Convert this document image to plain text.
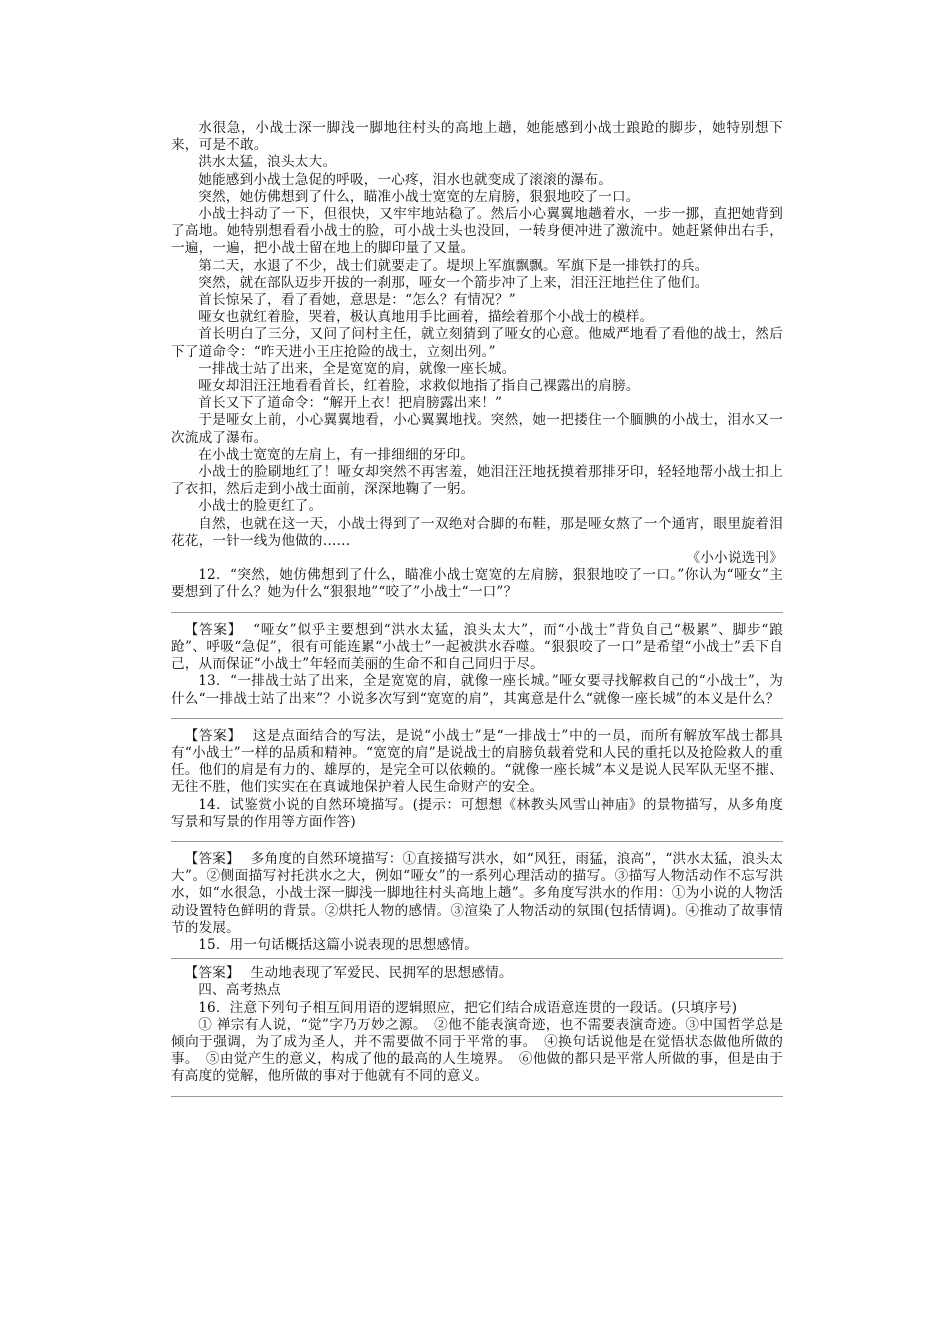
水很急，小战士深一脚浅一脚地往村头的高地上趟，她能感到小战士踉跄的脚步，她特别想下来，可是不敢。

洪水太猛，浪头太大。

她能感到小战士急促的呼吸，一心疼，泪水也就变成了滚滚的瀑布。

突然，她仿佛想到了什么，瞄准小战士宽宽的左肩膀，狠狠地咬了一口。

小战士抖动了一下，但很快，又牢牢地站稳了。然后小心翼翼地趟着水，一步一挪，直把她背到了高地。她特别想看看小战士的脸，可小战士头也没回，一转身便冲进了激流中。她赶紧伸出右手，一遍，一遍，把小战士留在地上的脚印量了又量。

第二天，水退了不少，战士们就要走了。堤坝上军旗飘飘。军旗下是一排铁打的兵。

突然，就在部队迈步开拔的一刹那，哑女一个箭步冲了上来，泪汪汪地拦住了他们。

首长惊呆了，看了看她，意思是：“怎么？有情况？”

哑女也就红着脸，哭着，极认真地用手比画着，描绘着那个小战士的模样。

首长明白了三分，又问了问村主任，就立刻猜到了哑女的心意。他威严地看了看他的战士，然后下了道命令：“昨天进小王庄抢险的战士，立刻出列。”

一排战士站了出来，全是宽宽的肩，就像一座长城。

哑女却泪汪汪地看看首长，红着脸，求救似地指了指自己裸露出的肩膀。

首长又下了道命令：“解开上衣！把肩膀露出来！”

于是哑女上前，小心翼翼地看，小心翼翼地找。突然，她一把搂住一个腼腆的小战士，泪水又一次流成了瀑布。

在小战士宽宽的左肩上，有一排细细的牙印。

小战士的脸刷地红了！哑女却突然不再害羞，她泪汪汪地抚摸着那排牙印，轻轻地帮小战士扣上了衣扣，然后走到小战士面前，深深地鞠了一躬。

小战士的脸更红了。

自然，也就在这一天，小战士得到了一双绝对合脚的布鞋，那是哑女熬了一个通宵，眼里旋着泪花花，一针一线为他做的……

《小小说选刊》

12．“突然，她仿佛想到了什么，瞄准小战士宽宽的左肩膀，狠狠地咬了一口。”你认为“哑女”主要想到了什么？她为什么“狠狠地”“咬了”小战士“一口”？

【答案】 “哑女”似乎主要想到“洪水太猛，浪头太大”，而“小战士”背负自己“极累”、脚步“踉跄”、呼吸“急促”，很有可能连累“小战士”一起被洪水吞噬。“狠狠咬了一口”是希望“小战士”丢下自己，从而保证“小战士”年轻而美丽的生命不和自己同归于尽。

13．“一排战士站了出来，全是宽宽的肩，就像一座长城。”哑女要寻找解救自己的“小战士”，为什么“一排战士站了出来”？小说多次写到“宽宽的肩”，其寓意是什么“就像一座长城”的本义是什么？

【答案】 这是点面结合的写法，是说“小战士”是“一排战士”中的一员，而所有解放军战士都具有“小战士”一样的品质和精神。“宽宽的肩”是说战士的肩膀负载着党和人民的重托以及抢险救人的重任。他们的肩是有力的、雄厚的，是完全可以依赖的。“就像一座长城”本义是说人民军队无坚不摧、无往不胜，他们实实在在真诚地保护着人民生命财产的安全。

14．试鉴赏小说的自然环境描写。(提示：可想想《林教头风雪山神庙》的景物描写，从多角度写景和写景的作用等方面作答)

【答案】 多角度的自然环境描写：①直接描写洪水，如“风狂，雨猛，浪高”，“洪水太猛，浪头太大”。②侧面描写衬托洪水之大，例如“哑女”的一系列心理活动的描写。③描写人物活动作不忘写洪水，如“水很急，小战士深一脚浅一脚地往村头高地上趟”。多角度写洪水的作用：①为小说的人物活动设置特色鲜明的背景。②烘托人物的感情。③渲染了人物活动的氛围(包括情调)。④推动了故事情节的发展。

15．用一句话概括这篇小说表现的思想感情。

【答案】 生动地表现了军爱民、民拥军的思想感情。

四、高考热点

16．注意下列句子相互间用语的逻辑照应，把它们结合成语意连贯的一段话。(只填序号)

① 禅宗有人说，“觉”字乃万妙之源。　②他不能表演奇迹，也不需要表演奇迹。③中国哲学总是倾向于强调，为了成为圣人，并不需要做不同于平常的事。　④换句话说他是在觉悟状态做他所做的事。　⑤由觉产生的意义，构成了他的最高的人生境界。　⑥他做的都只是平常人所做的事，但是由于有高度的觉解，他所做的事对于他就有不同的意义。
